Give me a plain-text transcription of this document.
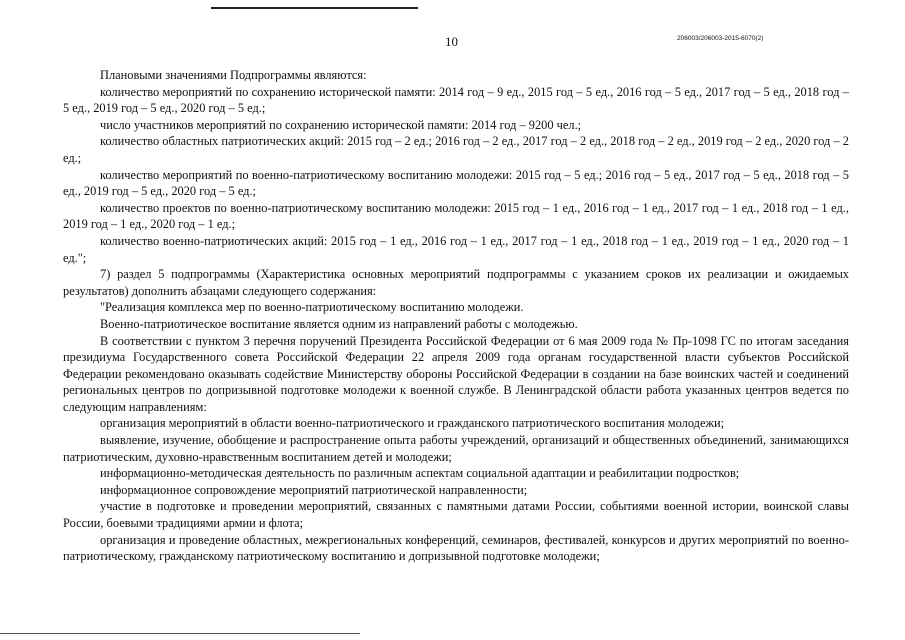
10	206003/206003-2015-6070(2)

Плановыми значениями Подпрограммы являются:

количество мероприятий по сохранению исторической памяти: 2014 год – 9 ед., 2015 год – 5 ед., 2016 год – 5 ед., 2017 год – 5 ед., 2018 год – 5 ед., 2019 год – 5 ед., 2020 год – 5 ед.;

число участников мероприятий по сохранению исторической памяти: 2014 год – 9200 чел.;

количество областных патриотических акций: 2015 год – 2 ед.; 2016 год – 2 ед., 2017 год – 2 ед., 2018 год – 2 ед., 2019 год – 2 ед., 2020 год – 2 ед.;

количество мероприятий по военно-патриотическому воспитанию молодежи: 2015 год – 5 ед.; 2016 год – 5 ед., 2017 год – 5 ед., 2018 год – 5 ед., 2019 год – 5 ед., 2020 год – 5 ед.;

количество проектов по военно-патриотическому воспитанию молодежи: 2015 год – 1 ед., 2016 год – 1 ед., 2017 год – 1 ед., 2018 год – 1 ед., 2019 год – 1 ед., 2020 год – 1 ед.;

количество военно-патриотических акций: 2015 год – 1 ед., 2016 год – 1 ед., 2017 год – 1 ед., 2018 год – 1 ед., 2019 год – 1 ед., 2020 год – 1 ед.";

7) раздел 5 подпрограммы (Характеристика основных мероприятий подпрограммы с указанием сроков их реализации и ожидаемых результатов) дополнить абзацами следующего содержания:

"Реализация комплекса мер по военно-патриотическому воспитанию молодежи.

Военно-патриотическое воспитание является одним из направлений работы с молодежью.

В соответствии с пунктом 3 перечня поручений Президента Российской Федерации от 6 мая 2009 года № Пр-1098 ГС по итогам заседания президиума Государственного совета Российской Федерации 22 апреля 2009 года органам государственной власти субъектов Российской Федерации рекомендовано оказывать содействие Министерству обороны Российской Федерации в создании на базе воинских частей и соединений региональных центров по допризывной подготовке молодежи к военной службе. В Ленинградской области работа указанных центров ведется по следующим направлениям:

организация мероприятий в области военно-патриотического и гражданского патриотического воспитания молодежи;

выявление, изучение, обобщение и распространение опыта работы учреждений, организаций и общественных объединений, занимающихся патриотическим, духовно-нравственным воспитанием детей и молодежи;

информационно-методическая деятельность по различным аспектам социальной адаптации и реабилитации подростков;

информационное сопровождение мероприятий патриотической направленности;

участие в подготовке и проведении мероприятий, связанных с памятными датами России, событиями военной истории, воинской славы России, боевыми традициями армии и флота;

организация и проведение областных, межрегиональных конференций, семинаров, фестивалей, конкурсов и других мероприятий по военно-патриотическому, гражданскому патриотическому воспитанию и допризывной подготовке молодежи;
